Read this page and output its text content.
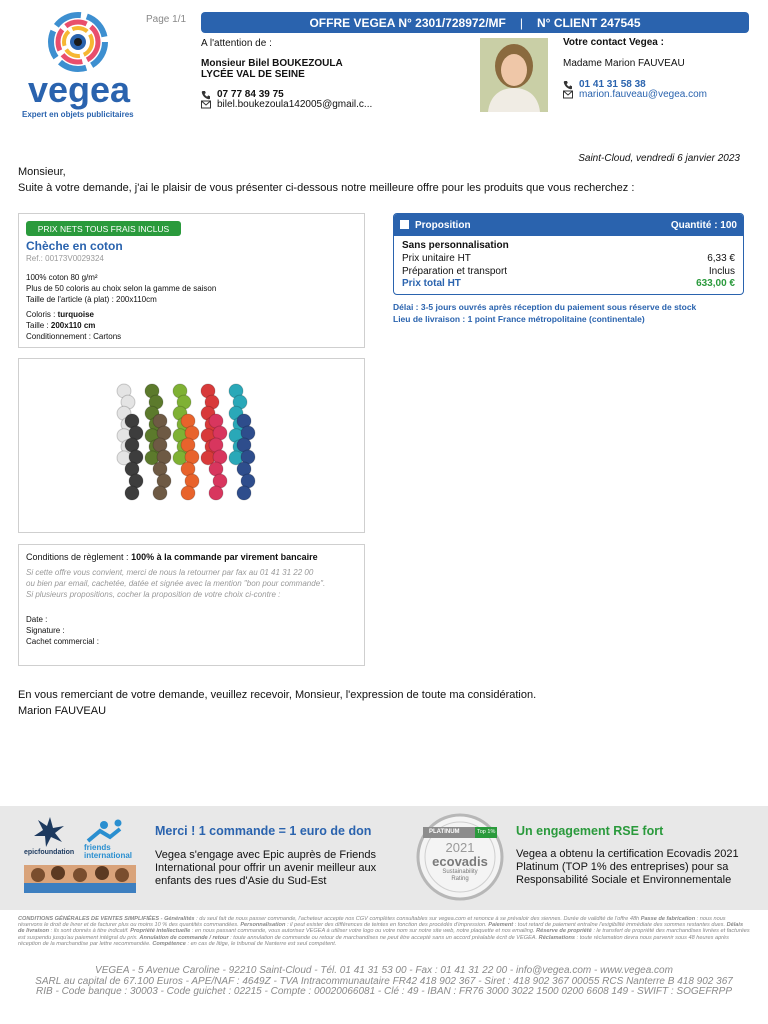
vegea
Expert en objets publicitaires
Page 1/1	OFFRE VEGEA N° 2301/728972/MF | N° CLIENT 247545
A l'attention de :
Monsieur Bilel BOUKEZOULA
LYCÉE VAL DE SEINE
07 77 84 39 75
bilel.boukezoula142005@gmail.c...
Votre contact Vegea :
Madame Marion FAUVEAU
01 41 31 58 38
marion.fauveau@vegea.com
Saint-Cloud, vendredi 6 janvier 2023
Monsieur,
Suite à votre demande, j'ai le plaisir de vous présenter ci-dessous notre meilleure offre pour les produits que vous recherchez :
PRIX NETS TOUS FRAIS INCLUS
Chèche en coton
Ref.: 00173V0029324
100% coton 80 g/m²
Plus de 50 coloris au choix selon la gamme de saison
Taille de l'article (à plat) : 200x110cm
Coloris : turquoise
Taille : 200x110 cm
Conditionnement : Cartons
Proposition	Quantité : 100
Sans personnalisation
Prix unitaire HT	6,33 €
Préparation et transport	Inclus
Prix total HT	633,00 €
Délai : 3-5 jours ouvrés après réception du paiement sous réserve de stock
Lieu de livraison : 1 point France métropolitaine (continentale)
Conditions de règlement : 100% à la commande par virement bancaire
Si cette offre vous convient, merci de nous la retourner par fax au 01 41 31 22 00
ou bien par email, cachetée, datée et signée avec la mention "bon pour commande".
Si plusieurs propositions, cocher la proposition de votre choix ci-contre :
Date :
Signature :
Cachet commercial :
En vous remerciant de votre demande, veuillez recevoir, Monsieur, l'expression de toute ma considération.
Marion FAUVEAU
epicfoundation
friends
international
Merci ! 1 commande = 1 euro de don
Vegea s'engage avec Epic auprès de Friends International pour offrir un avenir meilleur aux enfants des rues d'Asie du Sud-Est
PLATINUM	Top 1%
2021
ecovadis
Sustainability
Rating
Un engagement RSE fort
Vegea a obtenu la certification Ecovadis 2021 Platinum (TOP 1% des entreprises) pour sa Responsabilité Sociale et Environnementale
CONDITIONS GÉNÉRALES DE VENTES SIMPLIFIÉES - Généralités : du seul fait de nous passer commande, l'acheteur accepte nos CGV complètes consultables sur vegea.com et renonce à se prévaloir des siennes. Durée de validité de l'offre 48h Passe de fabrication : nous nous réservons le droit de livrer et de facturer plus ou moins 10 % des quantités commandées. Personnalisation : il peut exister des différences de teintes en fonction des procédés d'impression. Paiement : tout retard de paiement entraîne l'exigibilité immédiate des sommes restantes dues. Délais de livraison : ils sont donnés à titre indicatif. Propriété intellectuelle : en nous passant commande, vous autorisez VEGEA à utiliser votre logo ou votre nom sur notre site web, notre plaquette et nos emailing. Réserve de propriété : le transfert de propriété des marchandises livrées et facturées est suspendu jusqu'au paiement intégral du prix. Annulation de commande / retour : toute annulation de commande ou retour de marchandises ne peut être accepté sans un accord préalable écrit de VEGEA. Réclamations : toute réclamation devra nous parvenir sous 48 heures après réception de la marchandise par lettre recommandée. Compétence : en cas de litige, le tribunal de Nanterre est seul compétent.
VEGEA - 5 Avenue Caroline - 92210 Saint-Cloud - Tél. 01 41 31 53 00 - Fax : 01 41 31 22 00 - info@vegea.com - www.vegea.com
SARL au capital de 67.100 Euros - APE/NAF : 4649Z - TVA Intracommunautaire FR42 418 902 367 - Siret : 418 902 367 00055 RCS Nanterre B 418 902 367
RIB - Code banque : 30003 - Code guichet : 02215 - Compte : 00020066081 - Clé : 49 - IBAN : FR76 3000 3022 1500 0200 6608 149 - SWIFT : SOGEFRPP
